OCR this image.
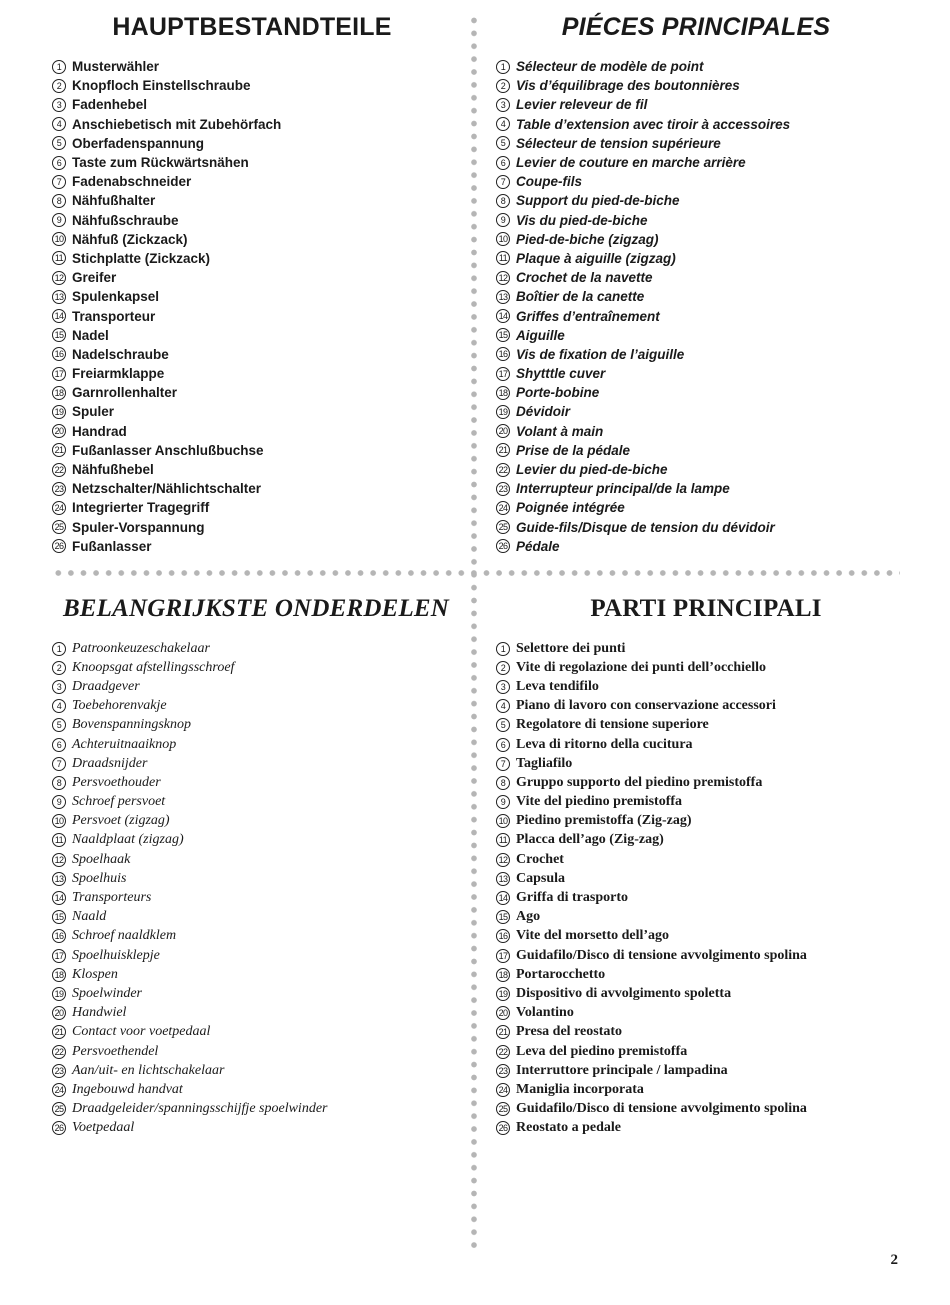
HAUPTBESTANDTEILE
1 Musterwähler
2 Knopfloch Einstellschraube
3 Fadenhebel
4 Anschiebetisch mit Zubehörfach
5 Oberfadenspannung
6 Taste zum Rückwärtsnähen
7 Fadenabschneider
8 Nähfußhalter
9 Nähfußschraube
10 Nähfuß (Zickzack)
11 Stichplatte (Zickzack)
12 Greifer
13 Spulenkapsel
14 Transporteur
15 Nadel
16 Nadelschraube
17 Freiarmklappe
18 Garnrollenhalter
19 Spuler
20 Handrad
21 Fußanlasser Anschlußbuchse
22 Nähfußhebel
23 Netzschalter/Nählichtschalter
24 Integrierter Tragegriff
25 Spuler-Vorspannung
26 Fußanlasser
PIÉCES PRINCIPALES
1 Sélecteur de modèle de point
2 Vis d’équilibrage des boutonnières
3 Levier releveur de fil
4 Table d’extension avec tiroir à accessoires
5 Sélecteur de tension supérieure
6 Levier de couture en marche arrière
7 Coupe-fils
8 Support du pied-de-biche
9 Vis du pied-de-biche
10 Pied-de-biche (zigzag)
11 Plaque à aiguille (zigzag)
12 Crochet de la navette
13 Boîtier de la canette
14 Griffes d’entraînement
15 Aiguille
16 Vis de fixation de l’aiguille
17 Shytttle cuver
18 Porte-bobine
19 Dévidoir
20 Volant à main
21 Prise de la pédale
22 Levier du pied-de-biche
23 Interrupteur principal/de la lampe
24 Poignée intégrée
25 Guide-fils/Disque de tension du dévidoir
26 Pédale
BELANGRIJKSTE ONDERDELEN
1 Patroonkeuzeschakelaar
2 Knoopsgat afstellingsschroef
3 Draadgever
4 Toebehorenvakje
5 Bovenspanningsknop
6 Achteruitnaaiknop
7 Draadsnijder
8 Persvoethouder
9 Schroef persvoet
10 Persvoet (zigzag)
11 Naaldplaat (zigzag)
12 Spoelhaak
13 Spoelhuis
14 Transporteurs
15 Naald
16 Schroef naaldklem
17 Spoelhuisklepje
18 Klospen
19 Spoelwinder
20 Handwiel
21 Contact voor voetpedaal
22 Persvoethendel
23 Aan/uit- en lichtschakelaar
24 Ingebouwd handvat
25 Draadgeleider/spanningsschijfje spoelwinder
26 Voetpedaal
PARTI PRINCIPALI
1 Selettore dei punti
2 Vite di regolazione dei punti dell’occhiello
3 Leva tendifilo
4 Piano di lavoro con conservazione accessori
5 Regolatore di tensione superiore
6 Leva di ritorno della cucitura
7 Tagliafilo
8 Gruppo supporto del piedino premistoffa
9 Vite del piedino premistoffa
10 Piedino premistoffa (Zig-zag)
11 Placca dell’ago (Zig-zag)
12 Crochet
13 Capsula
14 Griffa di trasporto
15 Ago
16 Vite del morsetto dell’ago
17 Guidafilo/Disco di tensione avvolgimento spolina
18 Portarocchetto
19 Dispositivo di avvolgimento spoletta
20 Volantino
21 Presa del reostato
22 Leva del piedino premistoffa
23 Interruttore principale / lampadina
24 Maniglia incorporata
25 Guidafilo/Disco di tensione avvolgimento spolina
26 Reostato a pedale
2
